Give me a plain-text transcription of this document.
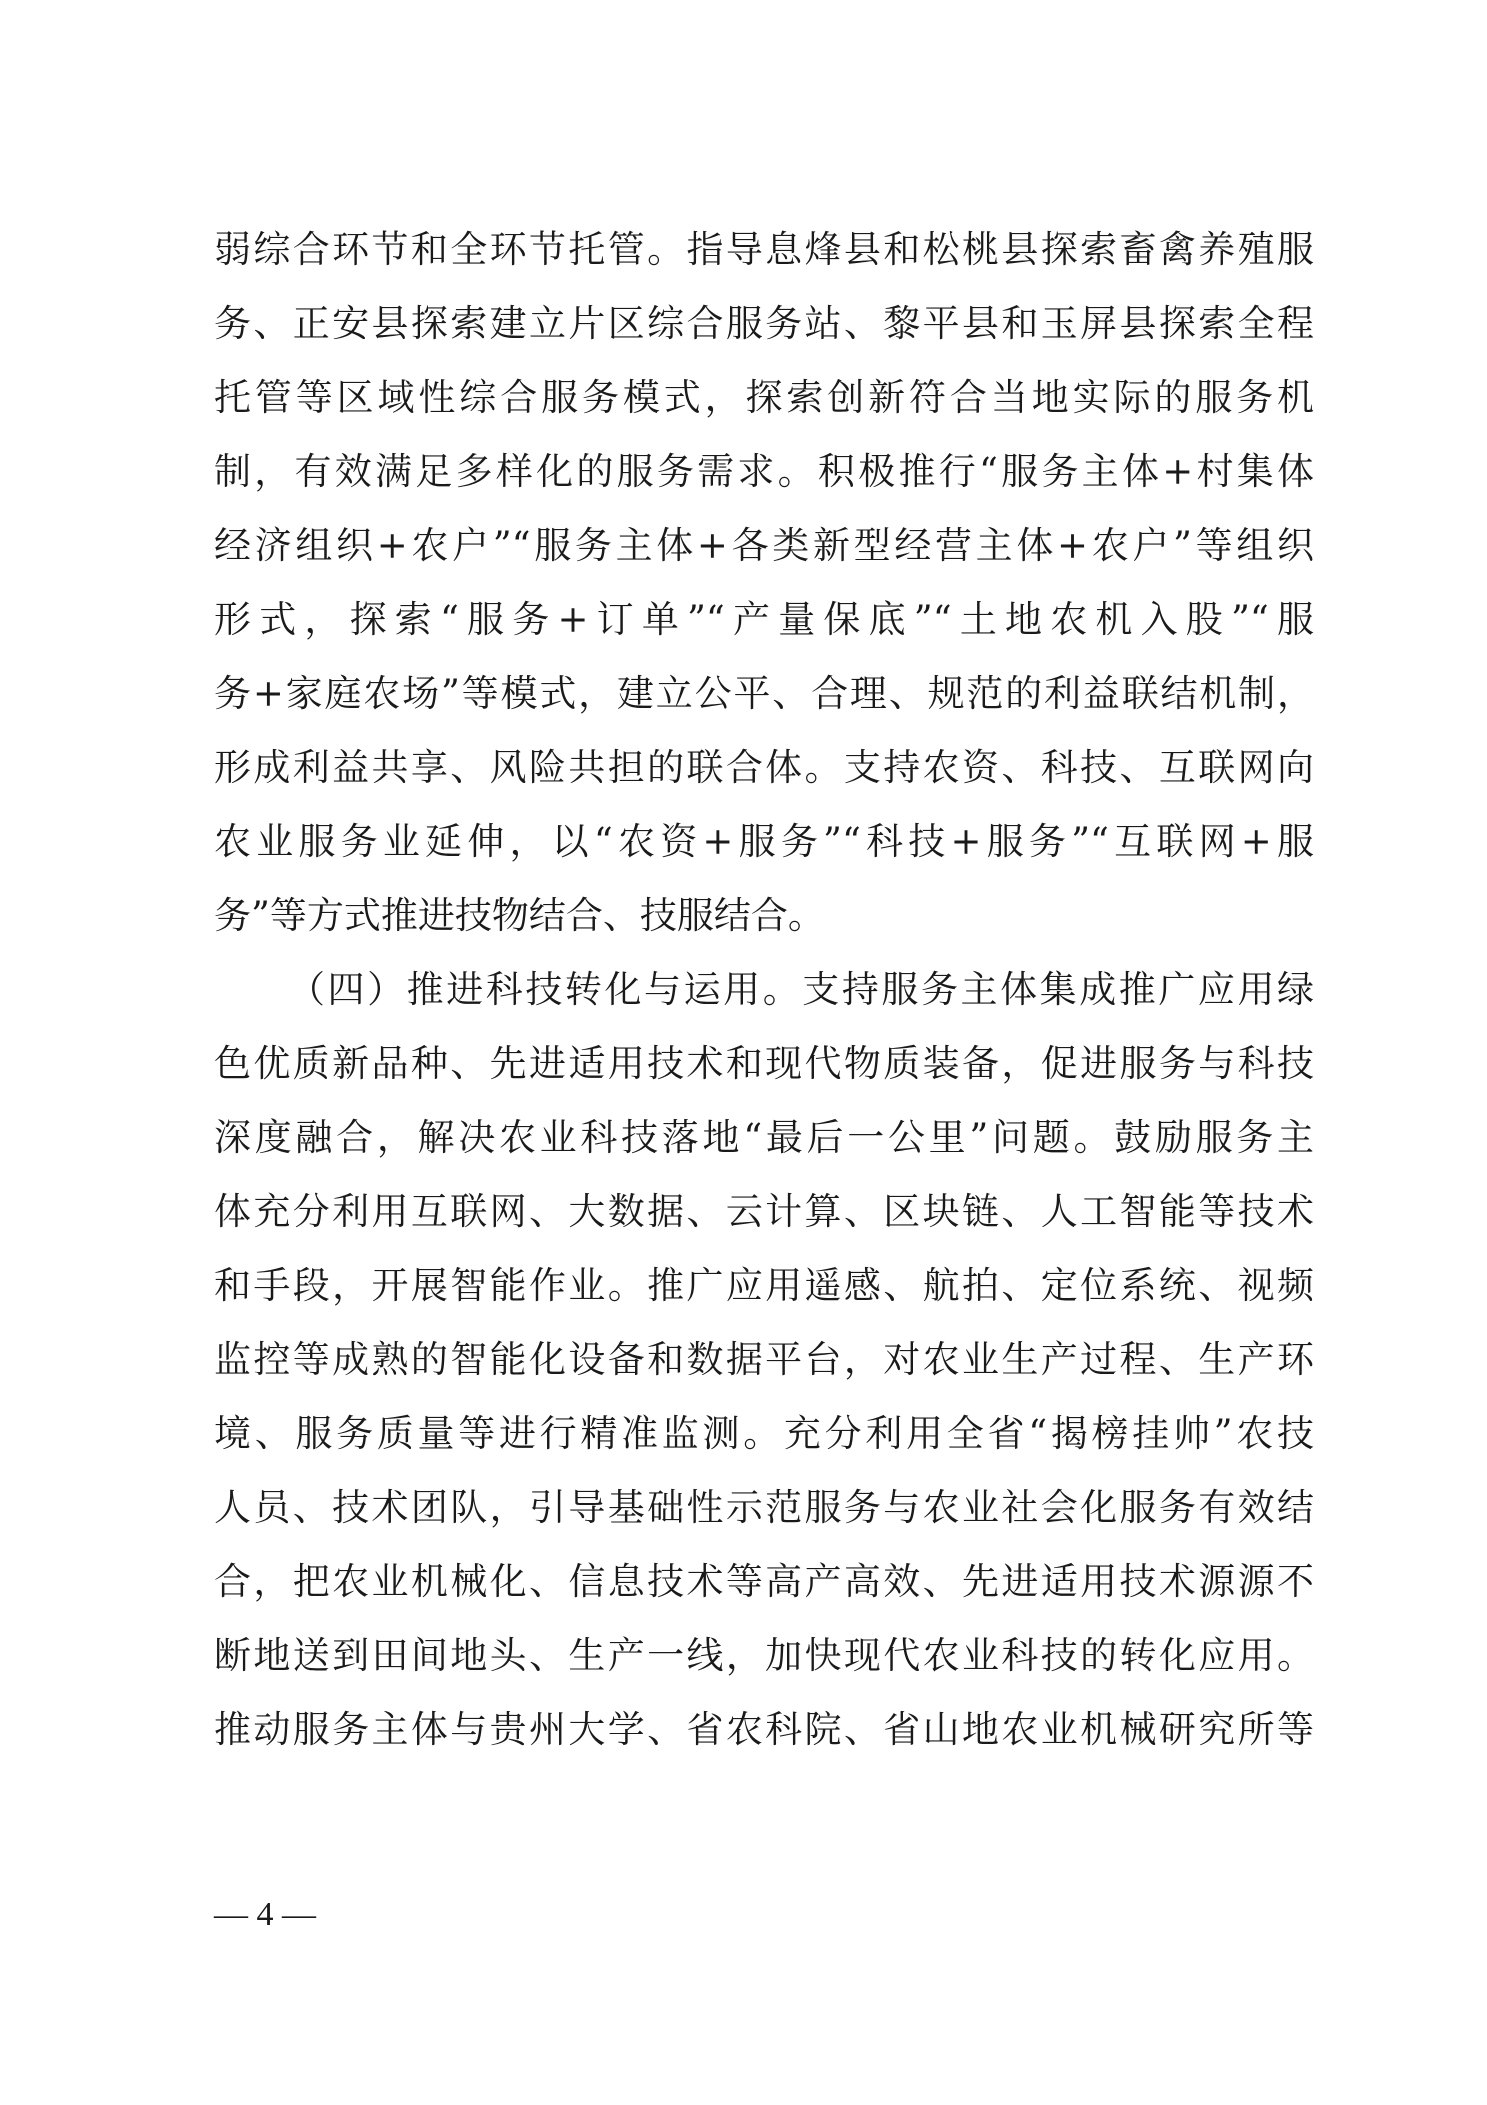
弱综合环节和全环节托管。指导息烽县和松桃县探索畜禽养殖服
务、正安县探索建立片区综合服务站、黎平县和玉屏县探索全程
托管等区域性综合服务模式，探索创新符合当地实际的服务机
制，有效满足多样化的服务需求。积极推行“服务主体+村集体
经济组织+农户”“服务主体+各类新型经营主体+农户”等组织
形式，探索“服务+订单”“产量保底”“土地农机入股”“服
务+家庭农场”等模式，建立公平、合理、规范的利益联结机制，
形成利益共享、风险共担的联合体。支持农资、科技、互联网向
农业服务业延伸，以“农资+服务”“科技+服务”“互联网+服
务”等方式推进技物结合、技服结合。
（四）推进科技转化与运用。支持服务主体集成推广应用绿
色优质新品种、先进适用技术和现代物质装备，促进服务与科技
深度融合，解决农业科技落地“最后一公里”问题。鼓励服务主
体充分利用互联网、大数据、云计算、区块链、人工智能等技术
和手段，开展智能作业。推广应用遥感、航拍、定位系统、视频
监控等成熟的智能化设备和数据平台，对农业生产过程、生产环
境、服务质量等进行精准监测。充分利用全省“揭榜挂帅”农技
人员、技术团队，引导基础性示范服务与农业社会化服务有效结
合，把农业机械化、信息技术等高产高效、先进适用技术源源不
断地送到田间地头、生产一线，加快现代农业科技的转化应用。
推动服务主体与贵州大学、省农科院、省山地农业机械研究所等
— 4 —
